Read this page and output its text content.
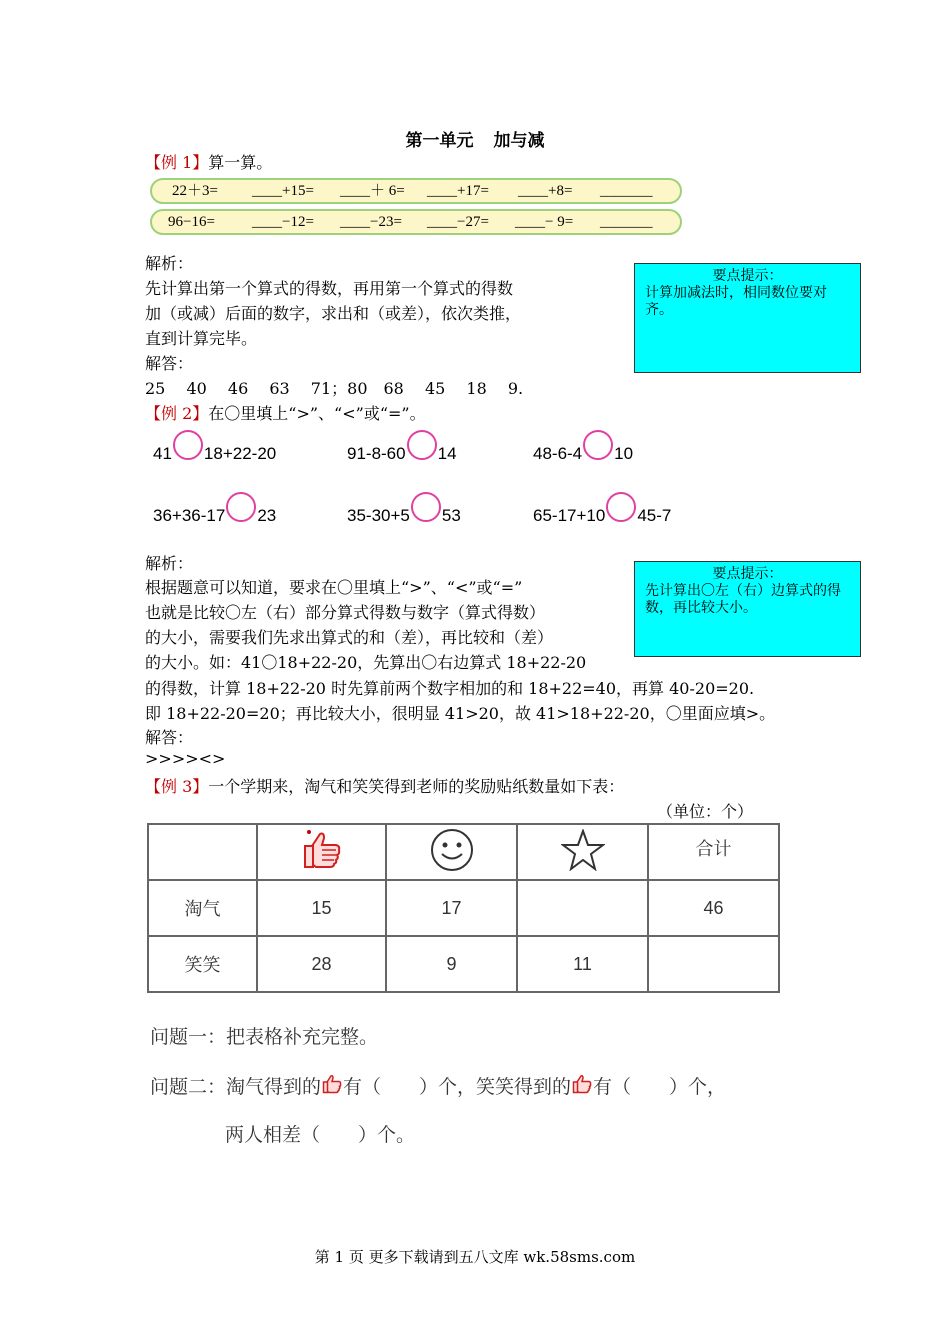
第一单元 加与减
【例 1】算一算。
22＋3= ____+15= ____＋ 6= ____+17= ____+8= _______
96−16= ____−12= ____−23= ____−27= ____− 9= _______
解析：
先计算出第一个算式的得数，再用第一个算式的得数
加（或减）后面的数字，求出和（或差），依次类推，
直到计算完毕。
解答：
25　 40　 46　 63　 71；80　68　 45　 18　 9.
要点提示：
计算加减法时，相同数位要对齐。
【例 2】在〇里填上“>”、“<”或“=”。
41 18+22-20	91-8-60 14	48-6-4 10
36+36-17 23	35-30+5 53	65-17+10 45-7
解析：
根据题意可以知道，要求在〇里填上“>”、“<”或“=”
也就是比较〇左（右）部分算式得数与数字（算式得数）
的大小，需要我们先求出算式的和（差），再比较和（差）
的大小。如：41〇18+22-20，先算出〇右边算式 18+22-20
的得数，计算 18+22-20 时先算前两个数字相加的和 18+22=40，再算 40-20=20.
即 18+22-20=20；再比较大小，很明显 41>20，故 41>18+22-20，〇里面应填>。
解答：
>>>><>
要点提示：
先计算出〇左（右）边算式的得数，再比较大小。
【例 3】一个学期来，淘气和笑笑得到老师的奖励贴纸数量如下表：
（单位：个）
				合计
淘气	15	17		46
笑笑	28	9	11	
问题一：把表格补充完整。
问题二：淘气得到的 有（　　）个，笑笑得到的 有（　　）个，
两人相差（　　）个。
第 1 页 更多下载请到五八文库 wk.58sms.com
